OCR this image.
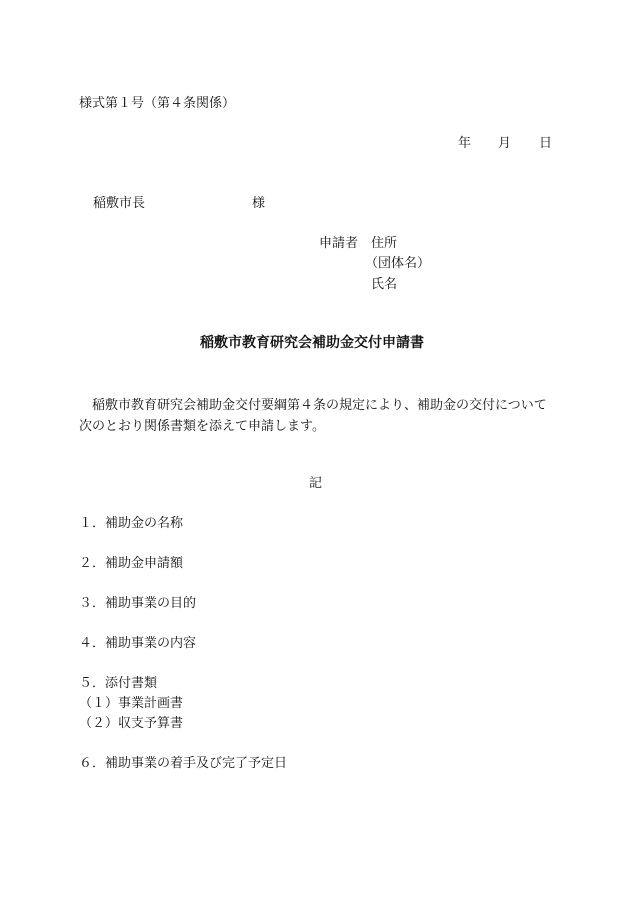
様式第１号（第４条関係）
年 月 日
稲敷市長	様
申請者 住所
（団体名）
氏名
稲敷市教育研究会補助金交付申請書
稲敷市教育研究会補助金交付要綱第４条の規定により、補助金の交付について次のとおり関係書類を添えて申請します。
記
１．補助金の名称
２．補助金申請額
３．補助事業の目的
４．補助事業の内容
５．添付書類
（１）事業計画書
（２）収支予算書
６．補助事業の着手及び完了予定日
